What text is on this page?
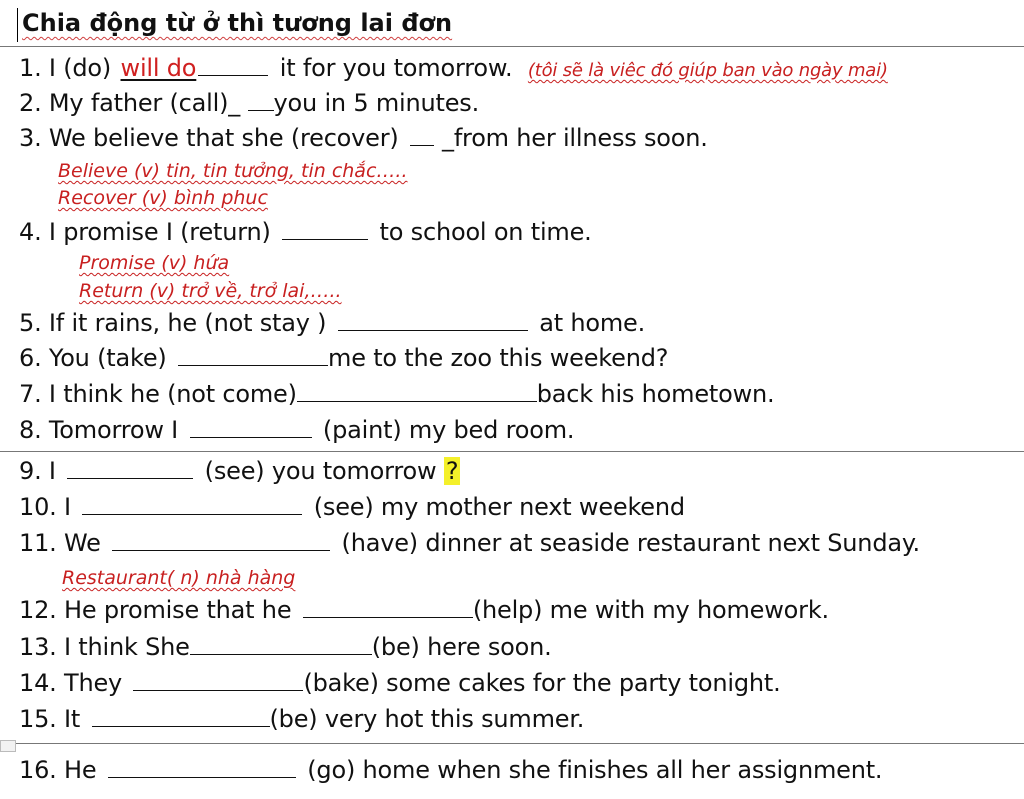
Chia động từ ở thì tương lai đơn
1. I (do) will do	it for you tomorrow. (tôi sẽ là viêc đó giúp ban vào ngày mai)
2. My father (call)_ you in 5 minutes.
3. We believe that she (recover) _from her illness soon.
Believe (v) tin, tin tưởng, tin chắc…..
Recover (v) bình phuc
4. I promise I (return)	to school on time.
Promise (v) hứa
Return (v) trở về, trở lai,…..
5. If it rains, he (not stay )	at home.
6. You (take)	me to the zoo this weekend?
7. I think he (not come)	back his hometown.
8. Tomorrow I	(paint) my bed room.
9. I	(see) you tomorrow ?
10. I	(see) my mother next weekend
11. We	(have) dinner at seaside restaurant next Sunday.
Restaurant( n) nhà hàng
12. He promise that he	(help) me with my homework.
13. I think She	(be) here soon.
14. They	(bake) some cakes for the party tonight.
15. It	(be) very hot this summer.
16. He	(go) home when she finishes all her assignment.
